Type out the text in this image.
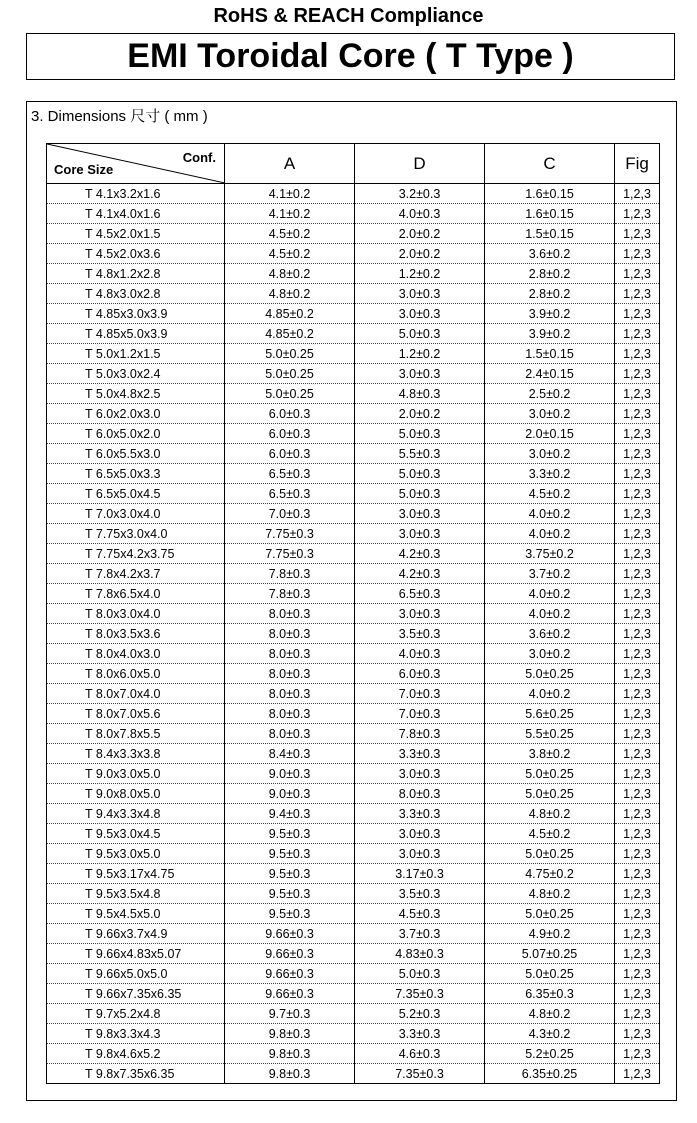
RoHS & REACH Compliance
EMI Toroidal Core ( T Type )
3. Dimensions 尺寸 ( mm )
Conf.
Core Size	A	D	C	Fig
T 4.1x3.2x1.6	4.1±0.2	3.2±0.3	1.6±0.15	1,2,3
T 4.1x4.0x1.6	4.1±0.2	4.0±0.3	1.6±0.15	1,2,3
T 4.5x2.0x1.5	4.5±0.2	2.0±0.2	1.5±0.15	1,2,3
T 4.5x2.0x3.6	4.5±0.2	2.0±0.2	3.6±0.2	1,2,3
T 4.8x1.2x2.8	4.8±0.2	1.2±0.2	2.8±0.2	1,2,3
T 4.8x3.0x2.8	4.8±0.2	3.0±0.3	2.8±0.2	1,2,3
T 4.85x3.0x3.9	4.85±0.2	3.0±0.3	3.9±0.2	1,2,3
T 4.85x5.0x3.9	4.85±0.2	5.0±0.3	3.9±0.2	1,2,3
T 5.0x1.2x1.5	5.0±0.25	1.2±0.2	1.5±0.15	1,2,3
T 5.0x3.0x2.4	5.0±0.25	3.0±0.3	2.4±0.15	1,2,3
T 5.0x4.8x2.5	5.0±0.25	4.8±0.3	2.5±0.2	1,2,3
T 6.0x2.0x3.0	6.0±0.3	2.0±0.2	3.0±0.2	1,2,3
T 6.0x5.0x2.0	6.0±0.3	5.0±0.3	2.0±0.15	1,2,3
T 6.0x5.5x3.0	6.0±0.3	5.5±0.3	3.0±0.2	1,2,3
T 6.5x5.0x3.3	6.5±0.3	5.0±0.3	3.3±0.2	1,2,3
T 6.5x5.0x4.5	6.5±0.3	5.0±0.3	4.5±0.2	1,2,3
T 7.0x3.0x4.0	7.0±0.3	3.0±0.3	4.0±0.2	1,2,3
T 7.75x3.0x4.0	7.75±0.3	3.0±0.3	4.0±0.2	1,2,3
T 7.75x4.2x3.75	7.75±0.3	4.2±0.3	3.75±0.2	1,2,3
T 7.8x4.2x3.7	7.8±0.3	4.2±0.3	3.7±0.2	1,2,3
T 7.8x6.5x4.0	7.8±0.3	6.5±0.3	4.0±0.2	1,2,3
T 8.0x3.0x4.0	8.0±0.3	3.0±0.3	4.0±0.2	1,2,3
T 8.0x3.5x3.6	8.0±0.3	3.5±0.3	3.6±0.2	1,2,3
T 8.0x4.0x3.0	8.0±0.3	4.0±0.3	3.0±0.2	1,2,3
T 8.0x6.0x5.0	8.0±0.3	6.0±0.3	5.0±0.25	1,2,3
T 8.0x7.0x4.0	8.0±0.3	7.0±0.3	4.0±0.2	1,2,3
T 8.0x7.0x5.6	8.0±0.3	7.0±0.3	5.6±0.25	1,2,3
T 8.0x7.8x5.5	8.0±0.3	7.8±0.3	5.5±0.25	1,2,3
T 8.4x3.3x3.8	8.4±0.3	3.3±0.3	3.8±0.2	1,2,3
T 9.0x3.0x5.0	9.0±0.3	3.0±0.3	5.0±0.25	1,2,3
T 9.0x8.0x5.0	9.0±0.3	8.0±0.3	5.0±0.25	1,2,3
T 9.4x3.3x4.8	9.4±0.3	3.3±0.3	4.8±0.2	1,2,3
T 9.5x3.0x4.5	9.5±0.3	3.0±0.3	4.5±0.2	1,2,3
T 9.5x3.0x5.0	9.5±0.3	3.0±0.3	5.0±0.25	1,2,3
T 9.5x3.17x4.75	9.5±0.3	3.17±0.3	4.75±0.2	1,2,3
T 9.5x3.5x4.8	9.5±0.3	3.5±0.3	4.8±0.2	1,2,3
T 9.5x4.5x5.0	9.5±0.3	4.5±0.3	5.0±0.25	1,2,3
T 9.66x3.7x4.9	9.66±0.3	3.7±0.3	4.9±0.2	1,2,3
T 9.66x4.83x5.07	9.66±0.3	4.83±0.3	5.07±0.25	1,2,3
T 9.66x5.0x5.0	9.66±0.3	5.0±0.3	5.0±0.25	1,2,3
T 9.66x7.35x6.35	9.66±0.3	7.35±0.3	6.35±0.3	1,2,3
T 9.7x5.2x4.8	9.7±0.3	5.2±0.3	4.8±0.2	1,2,3
T 9.8x3.3x4.3	9.8±0.3	3.3±0.3	4.3±0.2	1,2,3
T 9.8x4.6x5.2	9.8±0.3	4.6±0.3	5.2±0.25	1,2,3
T 9.8x7.35x6.35	9.8±0.3	7.35±0.3	6.35±0.25	1,2,3
